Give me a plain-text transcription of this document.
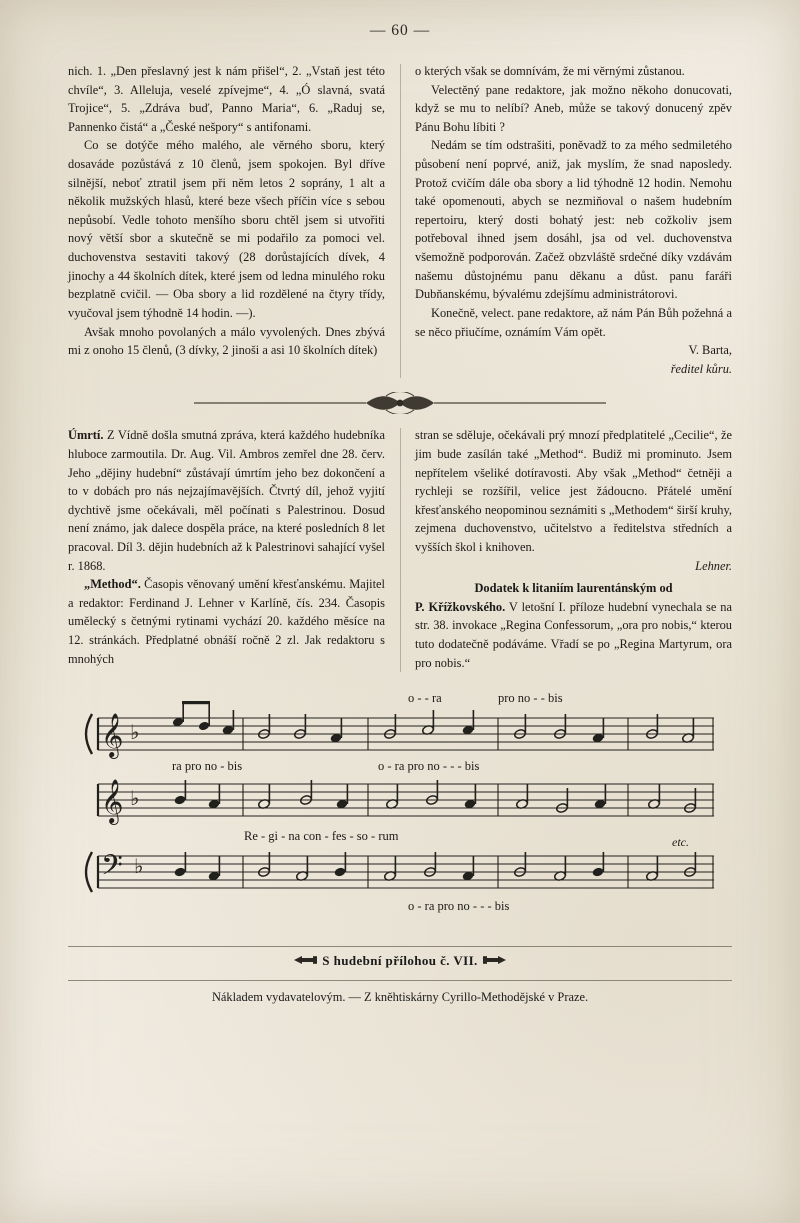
— 60 —

nich. 1. „Den přeslavný jest k nám přišel“, 2. „Vstaň jest této chvíle“, 3. Alleluja, veselé zpívejme“, 4. „Ó slavná, svatá Trojice“, 5. „Zdráva buď, Panno Maria“, 6. „Raduj se, Pannenko čistá“ a „České nešpory“ s antifonami.

Co se dotýče mého malého, ale věrného sboru, který dosaváde pozůstává z 10 členů, jsem spokojen. Byl dříve silnější, neboť ztratil jsem při něm letos 2 soprány, 1 alt a několik mužských hlasů, které beze všech příčin více s sebou nepůsobí. Vedle tohoto menšího sboru chtěl jsem si utvořiti nový větší sbor a skutečně se mi podařilo za pomoci vel. duchovenstva sestaviti takový (28 dorůstajících dívek, 4 jinochy a 44 školních dítek, které jsem od ledna minulého roku bezplatně cvičil. — Oba sbory a lid rozdělené na čtyry třídy, vyučoval jsem týhodně 14 hodin. —).

Avšak mnoho povolaných a málo vyvolených. Dnes zbývá mi z onoho 15 členů, (3 dívky, 2 jinoši a asi 10 školních dítek)

o kterých však se domnívám, že mi věrnými zůstanou.

Velectěný pane redaktore, jak možno někoho donucovati, když se mu to nelíbí? Aneb, může se takový donucený zpěv Pánu Bohu líbiti ?

Nedám se tím odstrašiti, poněvadž to za mého sedmiletého působení není poprvé, aniž, jak myslím, že snad naposledy. Protož cvičím dále oba sbory a lid týhodně 12 hodin. Nemohu také opomenouti, abych se nezmiňoval o našem hudebním repertoiru, který dosti bohatý jest: neb cožkoliv jsem potřeboval ihned jsem dosáhl, jsa od vel. duchovenstva všemožně podporován. Začež obzvláště srdečné díky vzdávám našemu důstojnému panu děkanu a důst. panu faráři Dubňanskému, bývalému zdejšímu administrátorovi.

Konečně, velect. pane redaktore, až nám Pán Bůh požehná a se něco přiučíme, oznámím Vám opět.

V. Barta,
ředitel kůru.

Úmrtí. Z Vídně došla smutná zpráva, která každého hudebníka hluboce zarmoutila. Dr. Aug. Vil. Ambros zemřel dne 28. červ. Jeho „dějiny hudební“ zůstávají úmrtím jeho bez dokončení a to v dobách pro nás nejzajímavějších. Čtvrtý díl, jehož vyjití dychtivě jsme očekávali, měl počínati s Palestrinou. Dosud není známo, jak dalece dospěla práce, na které posledních 8 let pracoval. Díl 3. dějin hudebních až k Palestrinovi sahající vyšel r. 1868.

„Method“. Časopis věnovaný umění křesťanskému. Majitel a redaktor: Ferdinand J. Lehner v Karlíně, čís. 234. Časopis umělecký s četnými rytinami vychází 20. každého měsíce na 12. stránkách. Předplatné obnáší ročně 2 zl. Jak redaktoru s mnohých

stran se sděluje, očekávali prý mnozí předplatitelé „Cecilie“, že jim bude zasílán také „Method“. Budiž mi prominuto. Jsem nepřítelem všeliké dotíravosti. Aby však „Method“ četněji a rychleji se rozšířil, velice jest žádoucno. Přátelé umění křesťanského neopominou seznámiti s „Methodem“ širší kruhy, zejmena duchovenstvo, učitelstvo a ředitelstva středních a vyšších škol i knihoven.

Lehner.

Dodatek k litaniím laurentánským od

P. Křížkovského. V letošní I. příloze hudební vynechala se na str. 38. invokace „Regina Confessorum, „ora pro nobis,“ kterou tuto dodatečně podáváme. Vřadí se po „Regina Martyrum, ora pro nobis.“

o - - ra	pro no - - bis
𝄞 ♭
ra pro no - bis	o - ra pro no - - - bis
𝄞 ♭
Re - gi - na con - fes - so - rum	etc.
𝄢 ♭
o - ra pro no - - - bis
S hudební přílohou č. VII.
Nákladem vydavatelovým. — Z kněhtiskárny Cyrillo-Methodějské v Praze.
